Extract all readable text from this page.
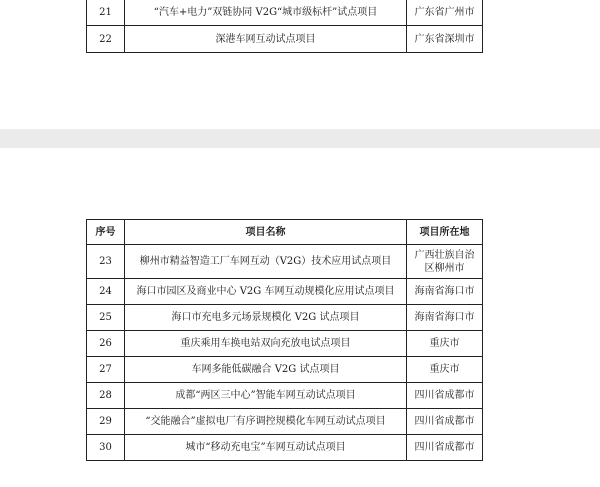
21	“汽车+电力”双链协同 V2G“城市级标杆”试点项目	广东省广州市
22	深港车网互动试点项目	广东省深圳市
序号	项目名称	项目所在地
23	柳州市精益智造工厂车网互动（V2G）技术应用试点项目	广西壮族自治区柳州市
24	海口市园区及商业中心 V2G 车网互动规模化应用试点项目	海南省海口市
25	海口市充电多元场景规模化 V2G 试点项目	海南省海口市
26	重庆乘用车换电站双向充放电试点项目	重庆市
27	车网多能低碳融合 V2G 试点项目	重庆市
28	成都“两区三中心”智能车网互动试点项目	四川省成都市
29	“交能融合”虚拟电厂有序调控规模化车网互动试点项目	四川省成都市
30	城市“移动充电宝”车网互动试点项目	四川省成都市
